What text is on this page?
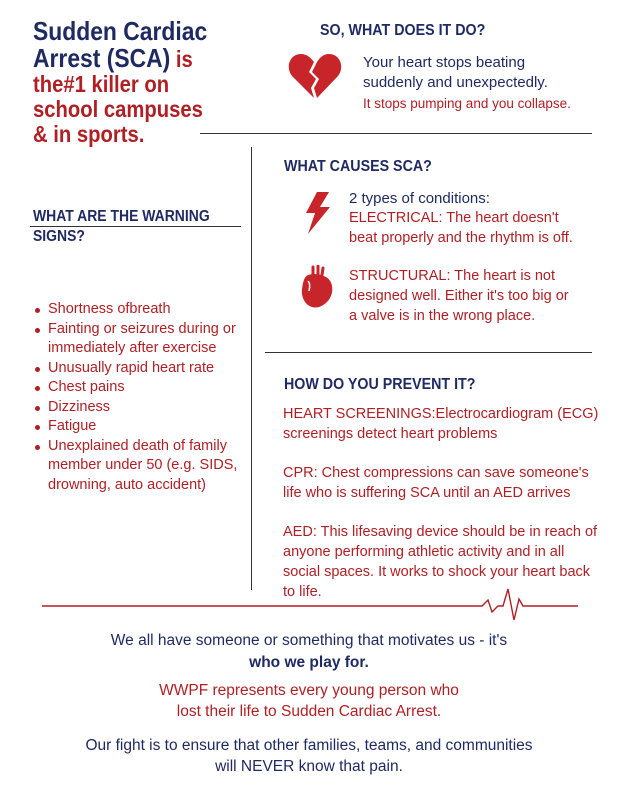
Sudden Cardiac Arrest (SCA) is the#1 killer on school campuses & in sports.
WHAT ARE THE WARNING SIGNS?
Shortness ofbreath
Fainting or seizures during or immediately after exercise
Unusually rapid heart rate
Chest pains
Dizziness
Fatigue
Unexplained death of family member under 50 (e.g. SIDS, drowning, auto accident)
SO, WHAT DOES IT DO?
Your heart stops beating suddenly and unexpectedly.
It stops pumping and you collapse.
WHAT CAUSES SCA?
2 types of conditions:
ELECTRICAL: The heart doesn't beat properly and the rhythm is off.
STRUCTURAL: The heart is not designed well. Either it's too big or a valve is in the wrong place.
HOW DO YOU PREVENT IT?
HEART SCREENINGS:Electrocardiogram (ECG) screenings detect heart problems
CPR: Chest compressions can save someone's life who is suffering SCA until an AED arrives
AED: This lifesaving device should be in reach of anyone performing athletic activity and in all social spaces. It works to shock your heart back to life.
We all have someone or something that motivates us - it's
who we play for.
WWPF represents every young person who lost their life to Sudden Cardiac Arrest.
Our fight is to ensure that other families, teams, and communities will NEVER know that pain.
